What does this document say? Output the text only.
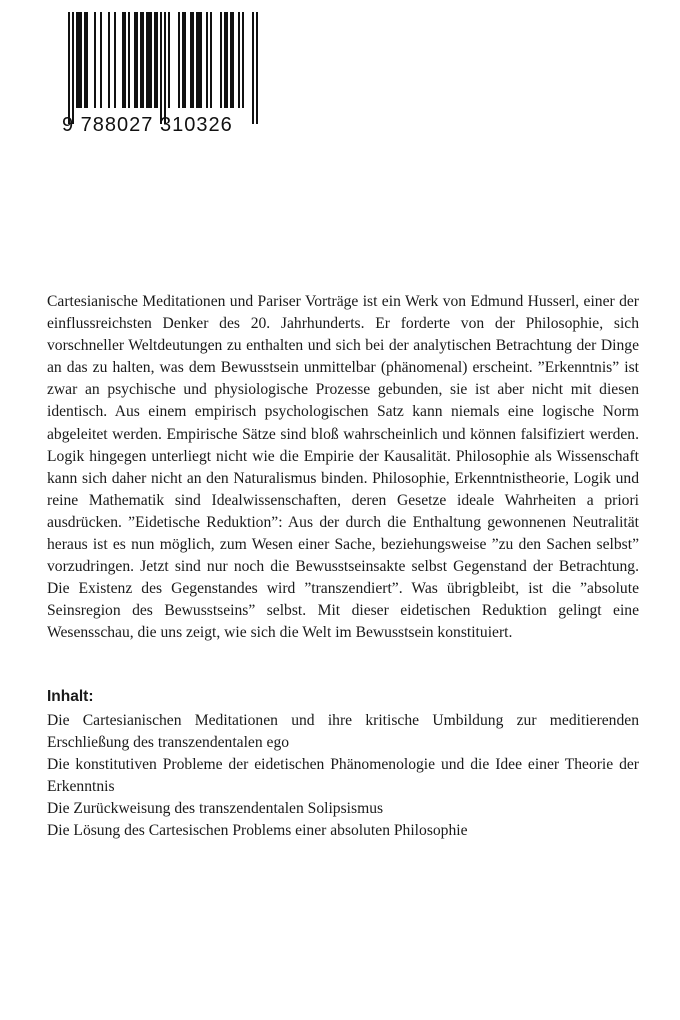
9 788027 310326

Cartesianische Meditationen und Pariser Vorträge ist ein Werk von Edmund Husserl, einer der einflussreichsten Denker des 20. Jahrhunderts. Er forderte von der Philosophie, sich vorschneller Weltdeutungen zu enthalten und sich bei der analytischen Betrachtung der Dinge an das zu halten, was dem Bewusstsein unmittelbar (phänomenal) erscheint. ”Erkenntnis” ist zwar an psychische und physiologische Prozesse gebunden, sie ist aber nicht mit diesen identisch. Aus einem empirisch psychologischen Satz kann niemals eine logische Norm abgeleitet werden. Empirische Sätze sind bloß wahrscheinlich und können falsifiziert werden. Logik hingegen unterliegt nicht wie die Empirie der Kausalität. Philosophie als Wissenschaft kann sich daher nicht an den Naturalismus binden. Philosophie, Erkenntnistheorie, Logik und reine Mathematik sind Idealwissenschaften, deren Gesetze ideale Wahrheiten a priori ausdrücken. ”Eidetische Reduktion”: Aus der durch die Enthaltung gewonnenen Neutralität heraus ist es nun möglich, zum Wesen einer Sache, beziehungsweise ”zu den Sachen selbst” vorzudringen. Jetzt sind nur noch die Bewusstseinsakte selbst Gegenstand der Betrachtung. Die Existenz des Gegenstandes wird ”transzendiert”. Was übrigbleibt, ist die ”absolute Seinsregion des Bewusstseins” selbst. Mit dieser eidetischen Reduktion gelingt eine Wesensschau, die uns zeigt, wie sich die Welt im Bewusstsein konstituiert.

Inhalt:
Die Cartesianischen Meditationen und ihre kritische Umbildung zur meditierenden Erschließung des transzendentalen ego
Die konstitutiven Probleme der eidetischen Phänomenologie und die Idee einer Theorie der Erkenntnis
Die Zurückweisung des transzendentalen Solipsismus
Die Lösung des Cartesischen Problems einer absoluten Philosophie
